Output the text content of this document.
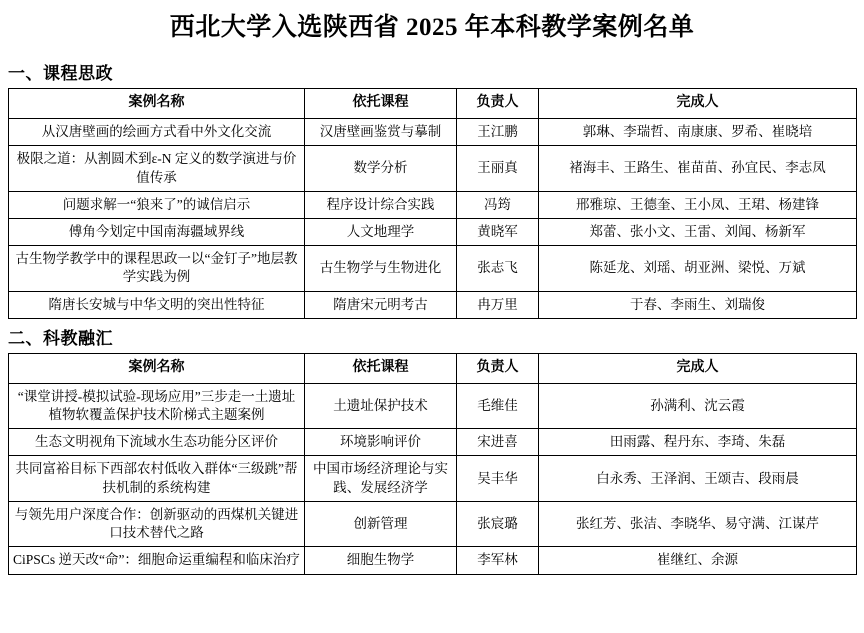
西北大学入选陕西省 2025 年本科教学案例名单
一、课程思政
案例名称	依托课程	负责人	完成人
从汉唐壁画的绘画方式看中外文化交流	汉唐壁画鉴赏与摹制	王江鹏	郭琳、李瑞哲、南康康、罗希、崔晓培
极限之道：从割圆术到ε-N 定义的数学演进与价值传承	数学分析	王丽真	褚海丰、王路生、崔苗苗、孙宜民、李志凤
问题求解一“狼来了”的诚信启示	程序设计综合实践	冯筠	邢雅琼、王德奎、王小凤、王珺、杨建锋
傅角今划定中国南海疆域界线	人文地理学	黄晓军	郑蕾、张小文、王雷、刘闻、杨新军
古生物学教学中的课程思政一以“金钉子”地层教学实践为例	古生物学与生物进化	张志飞	陈延龙、刘瑶、胡亚洲、梁悦、万斌
隋唐长安城与中华文明的突出性特征	隋唐宋元明考古	冉万里	于春、李雨生、刘瑞俊
二、科教融汇
案例名称	依托课程	负责人	完成人
“课堂讲授-模拟试验-现场应用”三步走一土遗址植物软覆盖保护技术阶梯式主题案例	土遗址保护技术	毛维佳	孙满利、沈云霞
生态文明视角下流域水生态功能分区评价	环境影响评价	宋进喜	田雨露、程丹东、李琦、朱磊
共同富裕目标下西部农村低收入群体“三级跳”帮扶机制的系统构建	中国市场经济理论与实践、发展经济学	吴丰华	白永秀、王泽润、王颂吉、段雨晨
与领先用户深度合作：创新驱动的西煤机关键进口技术替代之路	创新管理	张宸璐	张红芳、张洁、李晓华、易守满、江谋芹
CiPSCs 逆天改“命”：细胞命运重编程和临床治疗	细胞生物学	李军林	崔继红、余源
